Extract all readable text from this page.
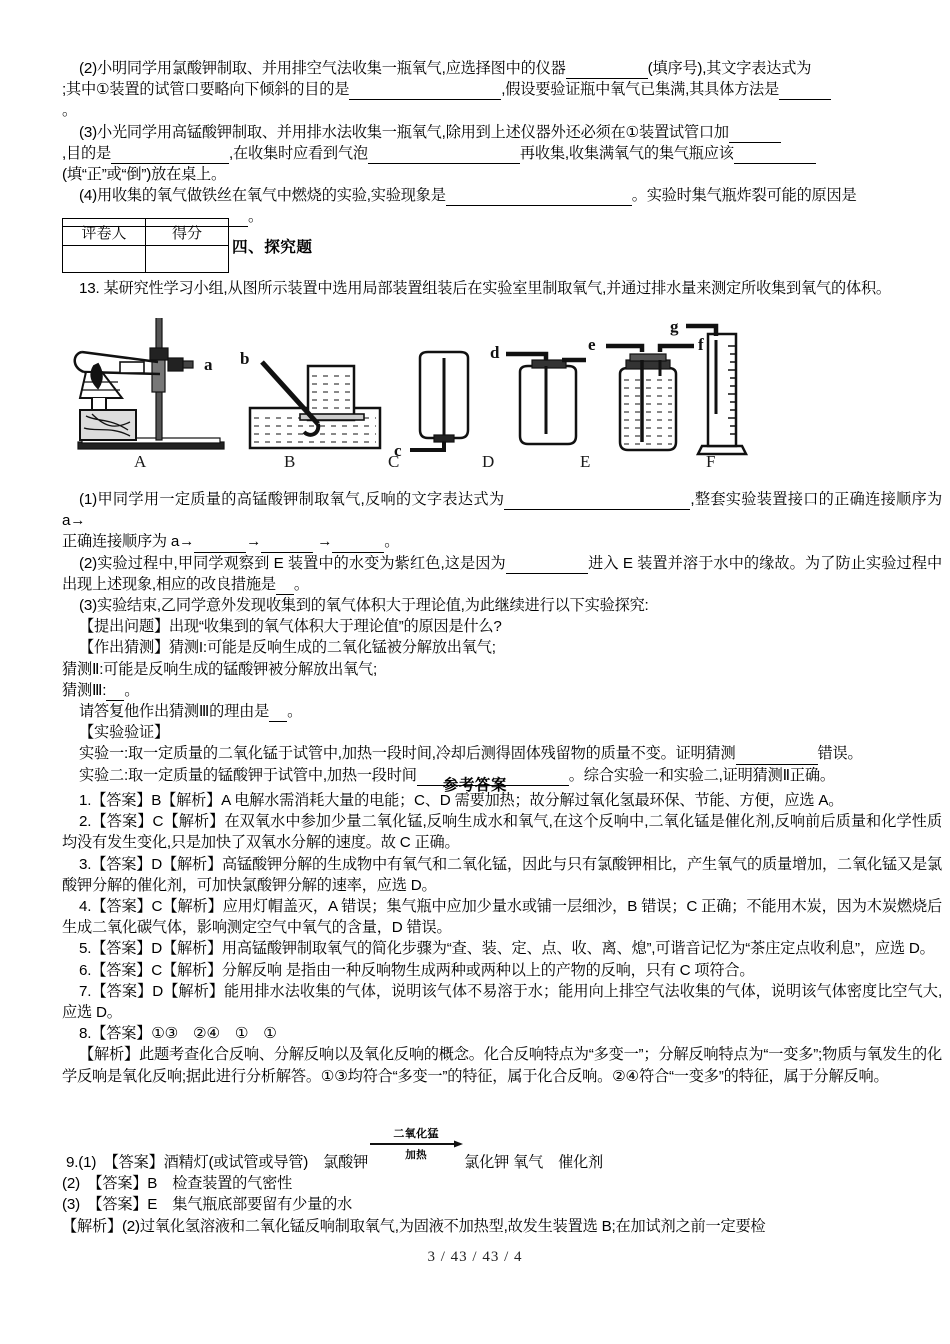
(2)小明同学用氯酸钾制取、并用排空气法收集一瓶氧气,应选择图中的仪器	(填序号),其文字表达式为

;其中①装置的试管口要略向下倾斜的目的是	,假设要验证瓶中氧气已集满,其具体方法是

。

(3)小光同学用高锰酸钾制取、并用排水法收集一瓶氧气,除用到上述仪器外还必须在①装置试管口加

,目的是	,在收集时应看到气泡	再收集,收集满氧气的集气瓶应该

(填“正”或“倒”)放在桌上。

(4)用收集的氧气做铁丝在氧气中燃烧的实验,实验现象是	。实验时集气瓶炸裂可能的原因是

。

评卷人	得分

四、探究题

13. 某研究性学习小组,从图所示装置中选用局部装置组装后在实验室里制取氧气,并通过排水量来测定所收集到氧气的体积。

a b
c
d	e	f
g
A	B	C	D	E	F

(1)甲同学用一定质量的高锰酸钾制取氧气,反响的文字表达式为	,整套实验装置接口的正确连接顺序为 a→

正确连接顺序为 a→	→	→	。

(2)实验过程中,甲同学观察到 E 装置中的水变为紫红色,这是因为	进入 E 装置并溶于水中的缘故。为了防止实验过程中出现上述现象,相应的改良措施是 。

(3)实验结束,乙同学意外发现收集到的氧气体积大于理论值,为此继续进行以下实验探究:

【提出问题】出现“收集到的氧气体积大于理论值”的原因是什么?

【作出猜测】猜测I:可能是反响生成的二氧化锰被分解放出氧气;

猜测Ⅱ:可能是反响生成的锰酸钾被分解放出氧气;

猜测Ⅲ: 。

请答复他作出猜测Ⅲ的理由是 。

【实验验证】

实验一:取一定质量的二氧化锰于试管中,加热一段时间,冷却后测得固体残留物的质量不变。证明猜测	错误。

实验二:取一定质量的锰酸钾于试管中,加热一段时间	。综合实验一和实验二,证明猜测Ⅱ正确。

参考答案

1.【答案】B【解析】A 电解水需消耗大量的电能；C、D 需要加热；故分解过氧化氢最环保、节能、方便，应选 A。

2.【答案】C【解析】在双氧水中参加少量二氧化锰,反响生成水和氧气,在这个反响中,二氧化锰是催化剂,反响前后质量和化学性质均没有发生变化,只是加快了双氧水分解的速度。故 C 正确。

3.【答案】D【解析】高锰酸钾分解的生成物中有氧气和二氧化锰，因此与只有氯酸钾相比，产生氧气的质量增加，二氧化锰又是氯酸钾分解的催化剂，可加快氯酸钾分解的速率，应选 D。

4.【答案】C【解析】应用灯帽盖灭，A 错误；集气瓶中应加少量水或铺一层细沙，B 错误；C 正确；不能用木炭，因为木炭燃烧后生成二氧化碳气体，影响测定空气中氧气的含量，D 错误。

5.【答案】D【解析】用高锰酸钾制取氧气的简化步骤为“查、装、定、点、收、离、熄”,可谐音记忆为“茶庄定点收利息”，应选 D。

6.【答案】C【解析】分解反响 是指由一种反响物生成两种或两种以上的产物的反响，只有 C 项符合。

7.【答案】D【解析】能用排水法收集的气体，说明该气体不易溶于水；能用向上排空气法收集的气体，说明该气体密度比空气大,应选 D。

8.【答案】①③　②④　①　①

【解析】此题考查化合反响、分解反响以及氧化反响的概念。化合反响特点为“多变一”；分解反响特点为“一变多”;物质与氧发生的化学反响是氧化反响;据此进行分析解答。①③均符合“多变一”的特征，属于化合反响。②④符合“一变多”的特征，属于分解反响。

9.(1)　【答案】酒精灯(或试管或导管)　氯酸钾
二氧化猛
加热	氯化钾 氧气　催化剂

(2)　【答案】B　检查装置的气密性

(3)　【答案】E　集气瓶底部要留有少量的水

【解析】(2)过氧化氢溶液和二氧化锰反响制取氧气,为固液不加热型,故发生装置选 B;在加试剂之前一定要检

3 / 43 / 43 / 4
